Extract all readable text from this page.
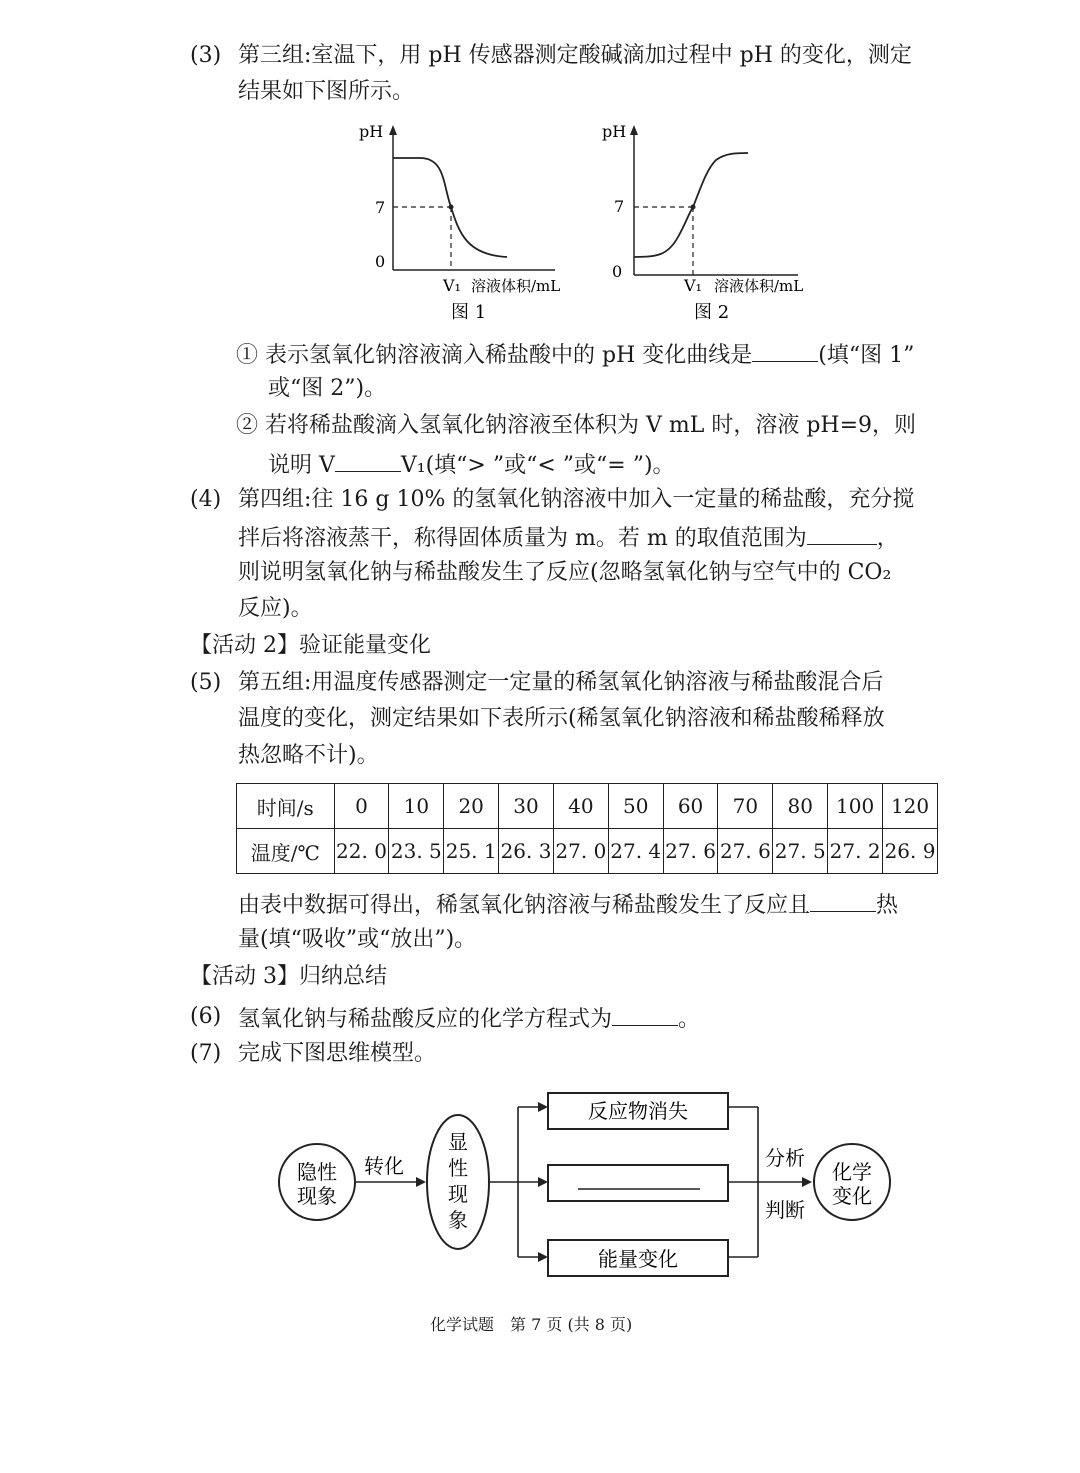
(3) 第三组:室温下，用 pH 传感器测定酸碱滴加过程中 pH 的变化，测定
结果如下图所示。
pH
7
0
V₁ 溶液体积/mL
图 1
pH
7
0
V₁ 溶液体积/mL
图 2
① 表示氢氧化钠溶液滴入稀盐酸中的 pH 变化曲线是	(填“图 1”
或“图 2”)。
② 若将稀盐酸滴入氢氧化钠溶液至体积为 V mL 时，溶液 pH=9，则
说明 V	V₁(填“> ”或“< ”或“= ”)。
(4) 第四组:往 16 g 10% 的氢氧化钠溶液中加入一定量的稀盐酸，充分搅
拌后将溶液蒸干，称得固体质量为 m。若 m 的取值范围为	，
则说明氢氧化钠与稀盐酸发生了反应(忽略氢氧化钠与空气中的 CO₂
反应)。
【活动 2】验证能量变化
(5) 第五组:用温度传感器测定一定量的稀氢氧化钠溶液与稀盐酸混合后
温度的变化，测定结果如下表所示(稀氢氧化钠溶液和稀盐酸稀释放
热忽略不计)。
时间/s	0	10	20	30	40	50	60	70	80	100	120
温度/℃	22. 0	23. 5	25. 1	26. 3	27. 0	27. 4	27. 6	27. 6	27. 5	27. 2	26. 9
由表中数据可得出，稀氢氧化钠溶液与稀盐酸发生了反应且	热
量(填“吸收”或“放出”)。
【活动 3】归纳总结
(6) 氢氧化钠与稀盐酸反应的化学方程式为	。
(7) 完成下图思维模型。
隐性
现象
转化
显
性
现
象
反应物消失
能量变化
分析
判断
化学
变化
化学试题　第 7 页 (共 8 页)
